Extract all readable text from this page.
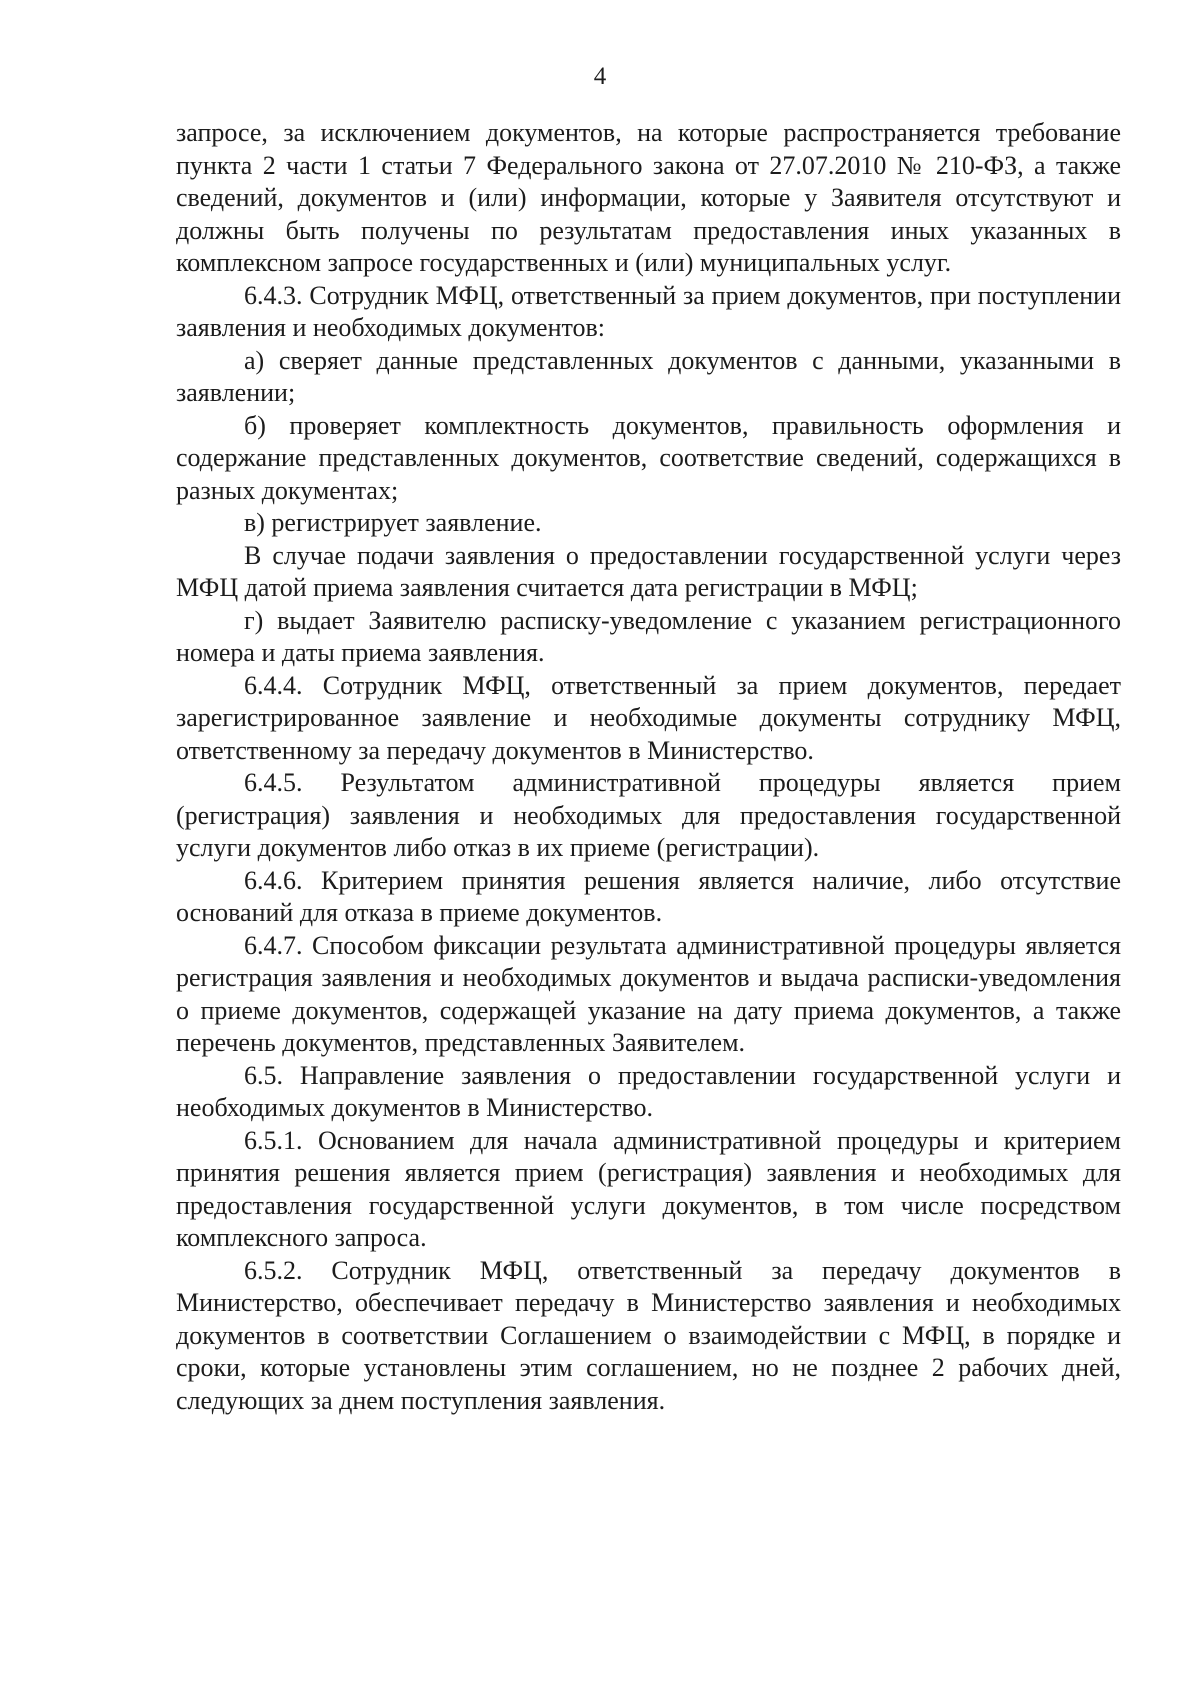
4

запросе, за исключением документов, на которые распространяется требование пункта 2 части 1 статьи 7 Федерального закона от 27.07.2010 № 210-ФЗ, а также сведений, документов и (или) информации, которые у Заявителя отсутствуют и должны быть получены по результатам предоставления иных указанных в комплексном запросе государственных и (или) муниципальных услуг.

6.4.3. Сотрудник МФЦ, ответственный за прием документов, при поступлении заявления и необходимых документов:

а) сверяет данные представленных документов с данными, указанными в заявлении;

б) проверяет комплектность документов, правильность оформления и содержание представленных документов, соответствие сведений, содержащихся в разных документах;

в) регистрирует заявление.

В случае подачи заявления о предоставлении государственной услуги через МФЦ датой приема заявления считается дата регистрации в МФЦ;

г) выдает Заявителю расписку-уведомление с указанием регистрационного номера и даты приема заявления.

6.4.4. Сотрудник МФЦ, ответственный за прием документов, передает зарегистрированное заявление и необходимые документы сотруднику МФЦ, ответственному за передачу документов в Министерство.

6.4.5. Результатом административной процедуры является прием (регистрация) заявления и необходимых для предоставления государственной услуги документов либо отказ в их приеме (регистрации).

6.4.6. Критерием принятия решения является наличие, либо отсутствие оснований для отказа в приеме документов.

6.4.7. Способом фиксации результата административной процедуры является регистрация заявления и необходимых документов и выдача расписки-уведомления о приеме документов, содержащей указание на дату приема документов, а также перечень документов, представленных Заявителем.

6.5. Направление заявления о предоставлении государственной услуги и необходимых документов в Министерство.

6.5.1. Основанием для начала административной процедуры и критерием принятия решения является прием (регистрация) заявления и необходимых для предоставления государственной услуги документов, в том числе посредством комплексного запроса.

6.5.2. Сотрудник МФЦ, ответственный за передачу документов в Министерство, обеспечивает передачу в Министерство заявления и необходимых документов в соответствии Соглашением о взаимодействии с МФЦ, в порядке и сроки, которые установлены этим соглашением, но не позднее 2 рабочих дней, следующих за днем поступления заявления.
